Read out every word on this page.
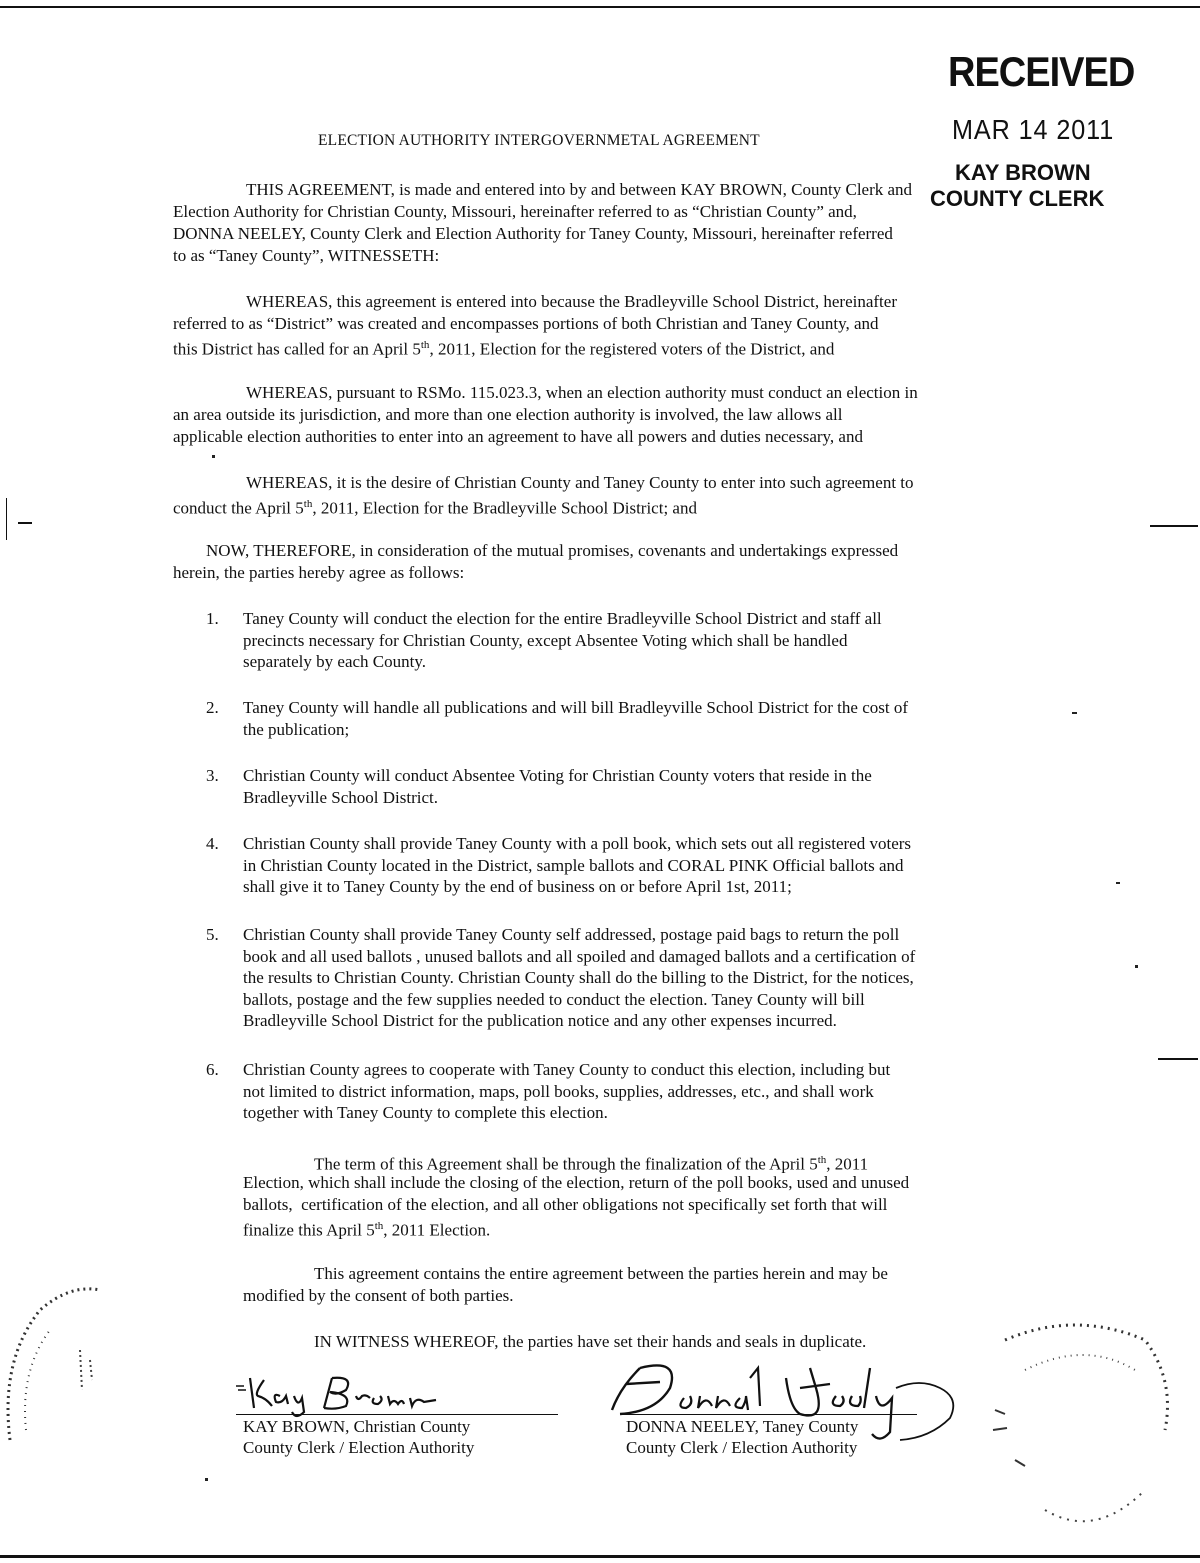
RECEIVED
MAR 14 2011
KAY BROWN
COUNTY CLERK
ELECTION AUTHORITY INTERGOVERNMETAL AGREEMENT
THIS AGREEMENT, is made and entered into by and between KAY BROWN, County Clerk and
Election Authority for Christian County, Missouri, hereinafter referred to as “Christian County” and,
DONNA NEELEY, County Clerk and Election Authority for Taney County, Missouri, hereinafter referred
to as “Taney County”, WITNESSETH:
WHEREAS, this agreement is entered into because the Bradleyville School District, hereinafter
referred to as “District” was created and encompasses portions of both Christian and Taney County, and
this District has called for an April 5th, 2011, Election for the registered voters of the District, and
WHEREAS, pursuant to RSMo. 115.023.3, when an election authority must conduct an election in
an area outside its jurisdiction, and more than one election authority is involved, the law allows all
applicable election authorities to enter into an agreement to have all powers and duties necessary, and
WHEREAS, it is the desire of Christian County and Taney County to enter into such agreement to
conduct the April 5th, 2011, Election for the Bradleyville School District; and
NOW, THEREFORE, in consideration of the mutual promises, covenants and undertakings expressed
herein, the parties hereby agree as follows:
1. Taney County will conduct the election for the entire Bradleyville School District and staff all
precincts necessary for Christian County, except Absentee Voting which shall be handled
separately by each County.
2. Taney County will handle all publications and will bill Bradleyville School District for the cost of
the publication;
3. Christian County will conduct Absentee Voting for Christian County voters that reside in the
Bradleyville School District.
4. Christian County shall provide Taney County with a poll book, which sets out all registered voters
in Christian County located in the District, sample ballots and CORAL PINK Official ballots and
shall give it to Taney County by the end of business on or before April 1st, 2011;
5. Christian County shall provide Taney County self addressed, postage paid bags to return the poll
book and all used ballots , unused ballots and all spoiled and damaged ballots and a certification of
the results to Christian County. Christian County shall do the billing to the District, for the notices,
ballots, postage and the few supplies needed to conduct the election. Taney County will bill
Bradleyville School District for the publication notice and any other expenses incurred.
6. Christian County agrees to cooperate with Taney County to conduct this election, including but
not limited to district information, maps, poll books, supplies, addresses, etc., and shall work
together with Taney County to complete this election.
The term of this Agreement shall be through the finalization of the April 5th, 2011
Election, which shall include the closing of the election, return of the poll books, used and unused
ballots,  certification of the election, and all other obligations not specifically set forth that will
finalize this April 5th, 2011 Election.
This agreement contains the entire agreement between the parties herein and may be
modified by the consent of both parties.
IN WITNESS WHEREOF, the parties have set their hands and seals in duplicate.
KAY BROWN, Christian County
County Clerk / Election Authority
DONNA NEELEY, Taney County
County Clerk / Election Authority
